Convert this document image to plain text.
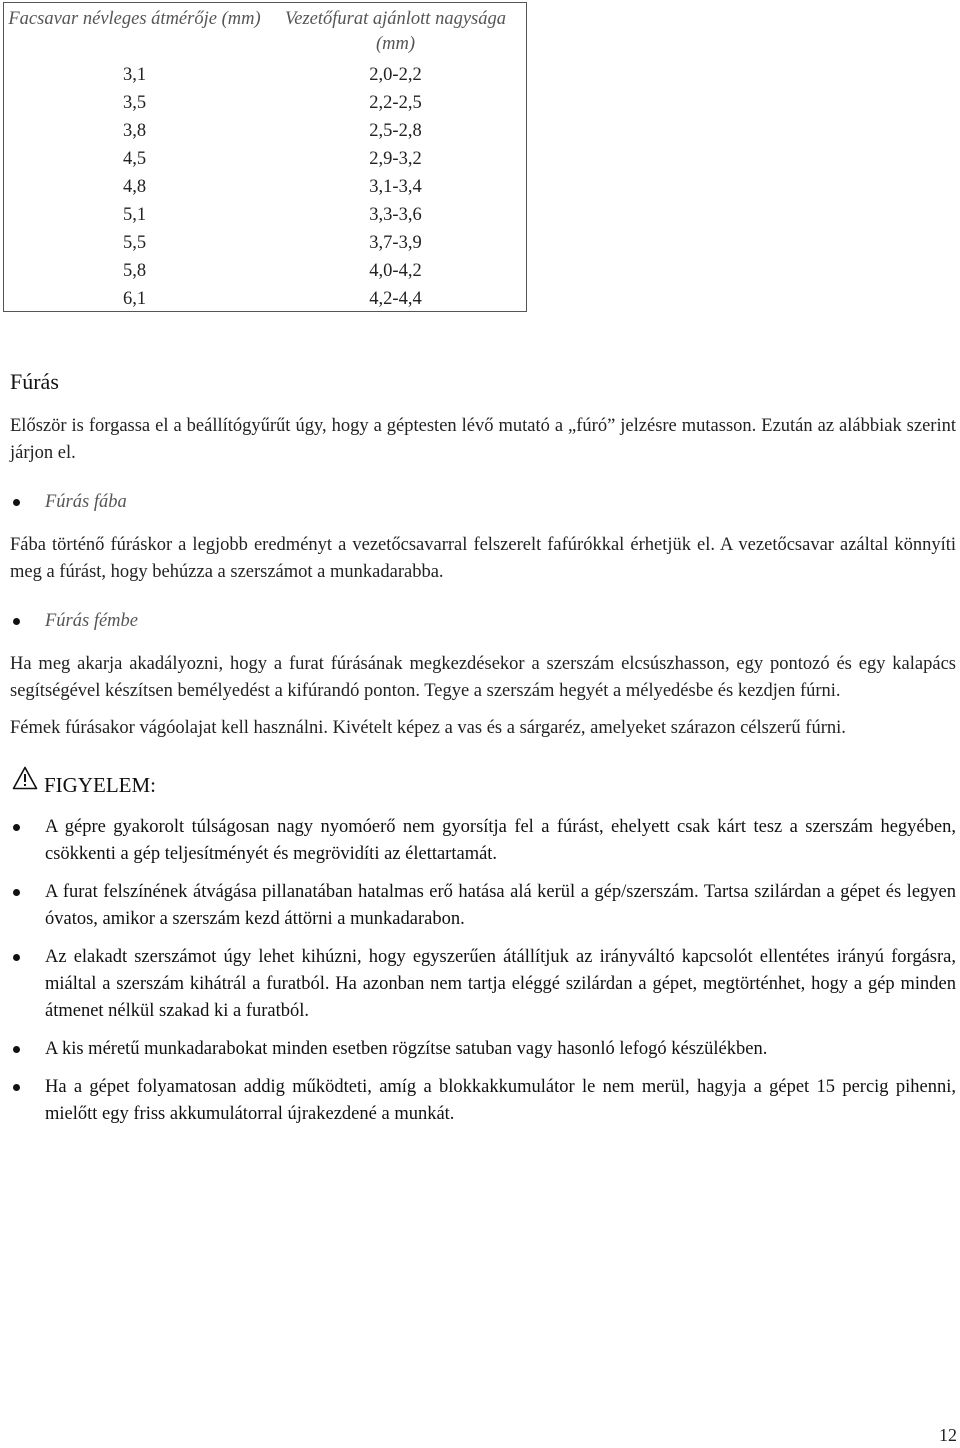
Facsavar névleges átmérője (mm)	Vezetőfurat ajánlott nagysága (mm)
3,1	2,0-2,2
3,5	2,2-2,5
3,8	2,5-2,8
4,5	2,9-3,2
4,8	3,1-3,4
5,1	3,3-3,6
5,5	3,7-3,9
5,8	4,0-4,2
6,1	4,2-4,4
Fúrás

Először is forgassa el a beállítógyűrűt úgy, hogy a géptesten lévő mutató a „fúró” jelzésre mutasson. Ezután az alábbiak szerint járjon el.

Fúrás fába

Fába történő fúráskor a legjobb eredményt a vezetőcsavarral felszerelt fafúrókkal érhetjük el. A vezetőcsavar azáltal könnyíti meg a fúrást, hogy behúzza a szerszámot a munkadarabba.

Fúrás fémbe

Ha meg akarja akadályozni, hogy a furat fúrásának megkezdésekor a szerszám elcsúszhasson, egy pontozó és egy kalapács segítségével készítsen bemélyedést a kifúrandó ponton. Tegye a szerszám hegyét a mélyedésbe és kezdjen fúrni.

Fémek fúrásakor vágóolajat kell használni. Kivételt képez a vas és a sárgaréz, amelyeket szárazon célszerű fúrni.

FIGYELEM:
A gépre gyakorolt túlságosan nagy nyomóerő nem gyorsítja fel a fúrást, ehelyett csak kárt tesz a szerszám hegyében, csökkenti a gép teljesítményét és megrövidíti az élettartamát.
A furat felszínének átvágása pillanatában hatalmas erő hatása alá kerül a gép/szerszám. Tartsa szilárdan a gépet és legyen óvatos, amikor a szerszám kezd áttörni a munkadarabon.
Az elakadt szerszámot úgy lehet kihúzni, hogy egyszerűen átállítjuk az irányváltó kapcsolót ellentétes irányú forgásra, miáltal a szerszám kihátrál a furatból. Ha azonban nem tartja eléggé szilárdan a gépet, megtörténhet, hogy a gép minden átmenet nélkül szakad ki a furatból.
A kis méretű munkadarabokat minden esetben rögzítse satuban vagy hasonló lefogó készülékben.
Ha a gépet folyamatosan addig működteti, amíg a blokkakkumulátor le nem merül, hagyja a gépet 15 percig pihenni, mielőtt egy friss akkumulátorral újrakezdené a munkát.
12
